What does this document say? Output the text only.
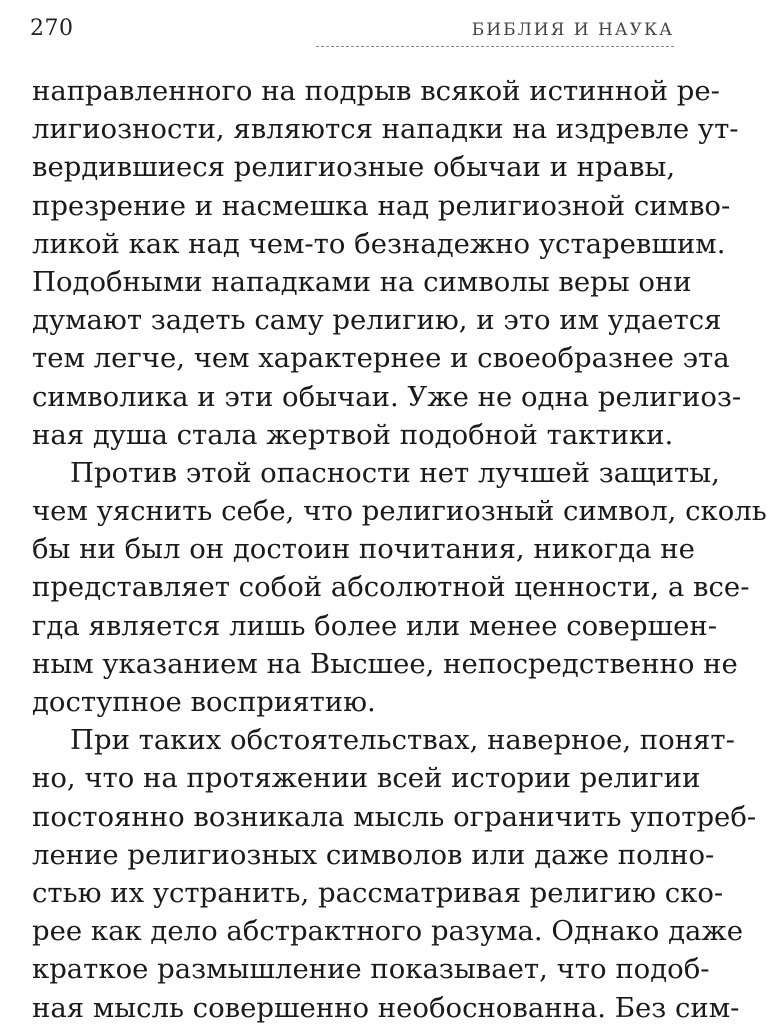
270	БИБЛИЯ И НАУКА
направленного на подрыв всякой истинной ре-
лигиозности, являются нападки на издревле ут-
вердившиеся религиозные обычаи и нравы,
презрение и насмешка над религиозной симво-
ликой как над чем-то безнадежно устаревшим.
Подобными нападками на символы веры они
думают задеть саму религию, и это им удается
тем легче, чем характернее и своеобразнее эта
символика и эти обычаи. Уже не одна религиоз-
ная душа стала жертвой подобной тактики.
Против этой опасности нет лучшей защиты,
чем уяснить себе, что религиозный символ, сколь
бы ни был он достоин почитания, никогда не
представляет собой абсолютной ценности, а все-
гда является лишь более или менее совершен-
ным указанием на Высшее, непосредственно не
доступное восприятию.
При таких обстоятельствах, наверное, понят-
но, что на протяжении всей истории религии
постоянно возникала мысль ограничить употреб-
ление религиозных символов или даже полно-
стью их устранить, рассматривая религию ско-
рее как дело абстрактного разума. Однако даже
краткое размышление показывает, что подоб-
ная мысль совершенно необоснованна. Без сим-
